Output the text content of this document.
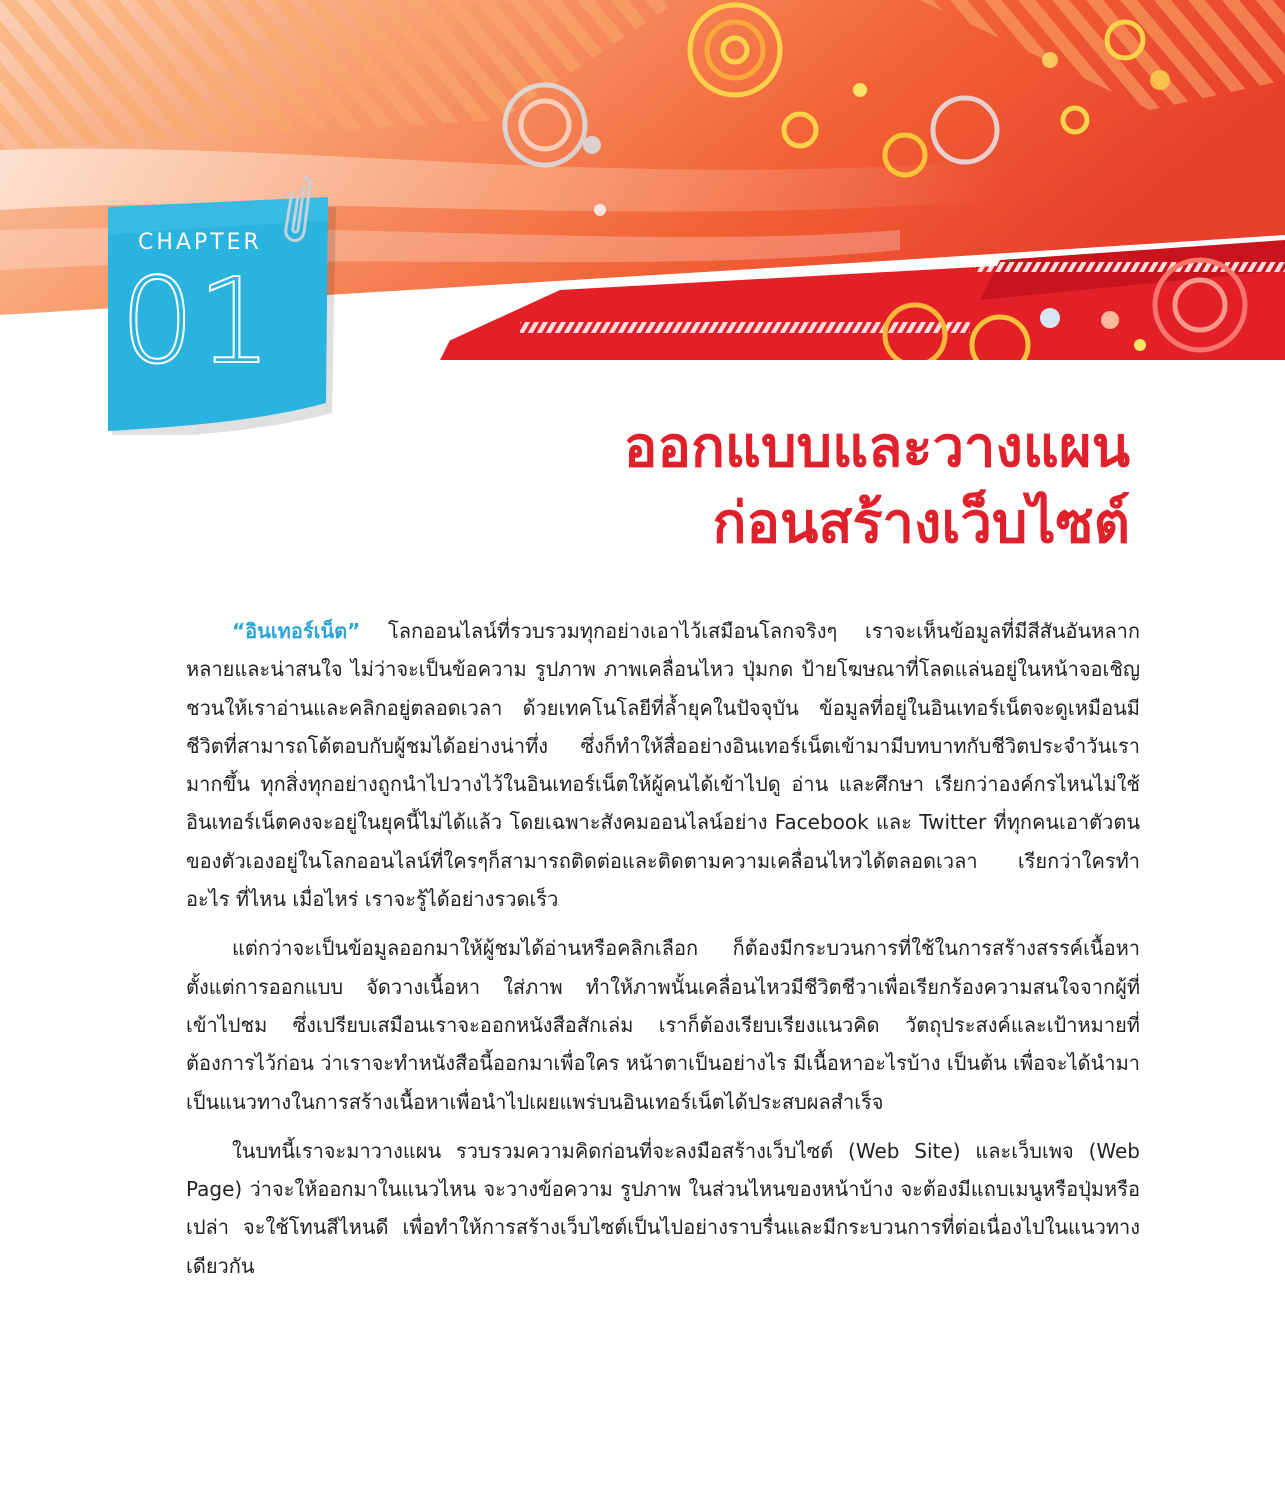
CHAPTER
01
ออกแบบและวางแผน
ก่อนสร้างเว็บไซต์

“อินเทอร์เน็ต” โลกออนไลน์ที่รวบรวมทุกอย่างเอาไว้เสมือนโลกจริงๆ เราจะเห็นข้อมูลที่มีสีสันอันหลากหลายและน่าสนใจ ไม่ว่าจะเป็นข้อความ รูปภาพ ภาพเคลื่อนไหว ปุ่มกด ป้ายโฆษณาที่โลดแล่นอยู่ในหน้าจอเชิญชวนให้เราอ่านและคลิกอยู่ตลอดเวลา ด้วยเทคโนโลยีที่ล้ำยุคในปัจจุบัน ข้อมูลที่อยู่ในอินเทอร์เน็ตจะดูเหมือนมีชีวิตที่สามารถโต้ตอบกับผู้ชมได้อย่างน่าทึ่ง ซึ่งก็ทำให้สื่ออย่างอินเทอร์เน็ตเข้ามามีบทบาทกับชีวิตประจำวันเรามากขึ้น ทุกสิ่งทุกอย่างถูกนำไปวางไว้ในอินเทอร์เน็ตให้ผู้คนได้เข้าไปดู อ่าน และศึกษา เรียกว่าองค์กรไหนไม่ใช้อินเทอร์เน็ตคงจะอยู่ในยุคนี้ไม่ได้แล้ว โดยเฉพาะสังคมออนไลน์อย่าง Facebook และ Twitter ที่ทุกคนเอาตัวตนของตัวเองอยู่ในโลกออนไลน์ที่ใครๆก็สามารถติดต่อและติดตามความเคลื่อนไหวได้ตลอดเวลา เรียกว่าใครทำอะไร ที่ไหน เมื่อไหร่ เราจะรู้ได้อย่างรวดเร็ว

แต่กว่าจะเป็นข้อมูลออกมาให้ผู้ชมได้อ่านหรือคลิกเลือก ก็ต้องมีกระบวนการที่ใช้ในการสร้างสรรค์เนื้อหา ตั้งแต่การออกแบบ จัดวางเนื้อหา ใส่ภาพ ทำให้ภาพนั้นเคลื่อนไหวมีชีวิตชีวาเพื่อเรียกร้องความสนใจจากผู้ที่เข้าไปชม ซึ่งเปรียบเสมือนเราจะออกหนังสือสักเล่ม เราก็ต้องเรียบเรียงแนวคิด วัตถุประสงค์และเป้าหมายที่ต้องการไว้ก่อน ว่าเราจะทำหนังสือนี้ออกมาเพื่อใคร หน้าตาเป็นอย่างไร มีเนื้อหาอะไรบ้าง เป็นต้น เพื่อจะได้นำมาเป็นแนวทางในการสร้างเนื้อหาเพื่อนำไปเผยแพร่บนอินเทอร์เน็ตได้ประสบผลสำเร็จ

ในบทนี้เราจะมาวางแผน รวบรวมความคิดก่อนที่จะลงมือสร้างเว็บไซต์ (Web Site) และเว็บเพจ (Web Page) ว่าจะให้ออกมาในแนวไหน จะวางข้อความ รูปภาพ ในส่วนไหนของหน้าบ้าง จะต้องมีแถบเมนูหรือปุ่มหรือเปล่า จะใช้โทนสีไหนดี เพื่อทำให้การสร้างเว็บไซต์เป็นไปอย่างราบรื่นและมีกระบวนการที่ต่อเนื่องไปในแนวทางเดียวกัน
